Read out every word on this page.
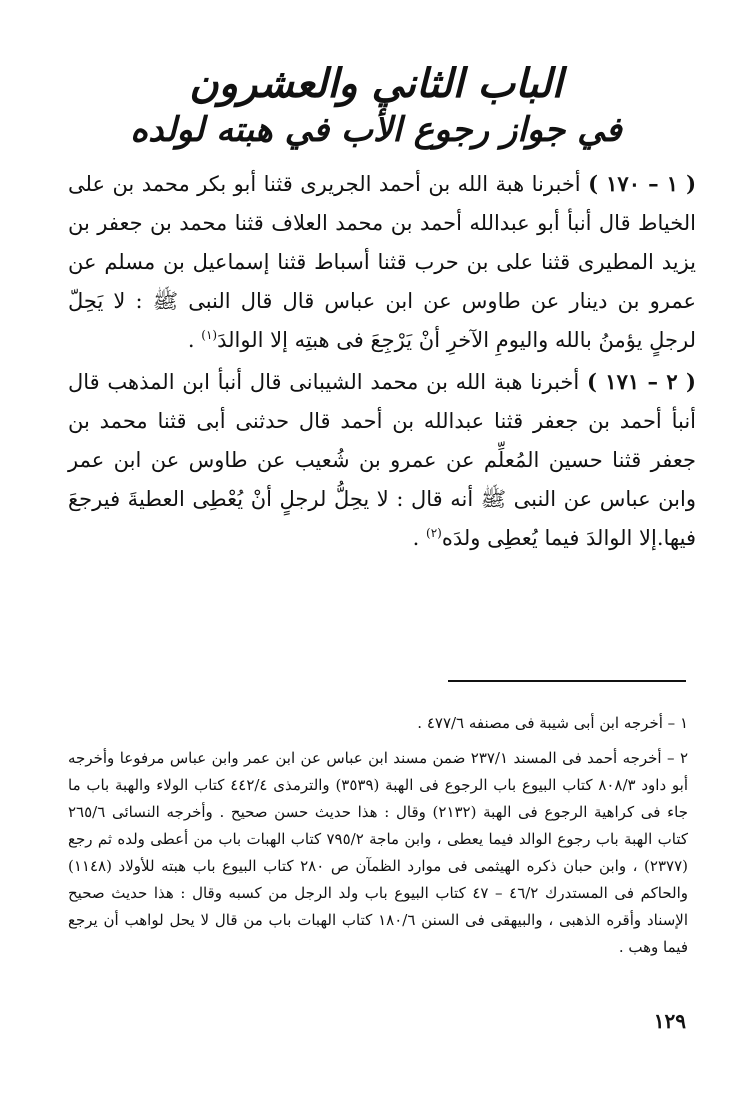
الباب الثاني والعشرون
في جواز رجوع الأب في هبته لولده

( ١ – ١٧٠ ) أخبرنا هبة الله بن أحمد الجريرى قثنا أبو بكر محمد بن على الخياط قال أنبأ أبو عبدالله أحمد بن محمد العلاف قثنا محمد بن جعفر بن يزيد المطيرى قثنا على بن حرب قثنا أسباط قثنا إسماعيل بن مسلم عن عمرو بن دينار عن طاوس عن ابن عباس قال قال النبى ﷺ : لا يَحِلّ لرجلٍ يؤمنُ بالله واليومِ الآخرِ أنْ يَرْجِعَ فى هبتِه إلا الوالدَ$^{(١)}$ .

( ٢ – ١٧١ ) أخبرنا هبة الله بن محمد الشيبانى قال أنبأ ابن المذهب قال أنبأ أحمد بن جعفر قثنا عبدالله بن أحمد قال حدثنى أبى قثنا محمد بن جعفر قثنا حسين المُعلِّم عن عمرو بن شُعيب عن طاوس عن ابن عمر وابن عباس عن النبى ﷺ أنه قال : لا يحِلُّ لرجلٍ أنْ يُعْطِى العطيةَ فيرجعَ فيها.إلا الوالدَ فيما يُعطِى ولدَه$^{(٢)}$ .

١ – أخرجه ابن أبى شيبة فى مصنفه ٤٧٧/٦ .

٢ – أخرجه أحمد فى المسند ٢٣٧/١ ضمن مسند ابن عباس عن ابن عمر وابن عباس مرفوعا وأخرجه أبو داود ٨٠٨/٣ كتاب البيوع باب الرجوع فى الهبة (٣٥٣٩) والترمذى ٤٤٢/٤ كتاب الولاء والهبة باب ما جاء فى كراهية الرجوع فى الهبة (٢١٣٢) وقال : هذا حديث حسن صحيح . وأخرجه النسائى ٢٦٥/٦ كتاب الهبة باب رجوع الوالد فيما يعطى ، وابن ماجة ٧٩٥/٢ كتاب الهبات باب من أعطى ولده ثم رجع (٢٣٧٧) ، وابن حبان ذكره الهيثمى فى موارد الظمآن ص ٢٨٠ كتاب البيوع باب هبته للأولاد (١١٤٨) والحاكم فى المستدرك ٤٦/٢ – ٤٧ كتاب البيوع باب ولد الرجل من كسبه وقال : هذا حديث صحيح الإسناد وأقره الذهبى ، والبيهقى فى السنن ١٨٠/٦ كتاب الهبات باب من قال لا يحل لواهب أن يرجع فيما وهب .

١٢٩
